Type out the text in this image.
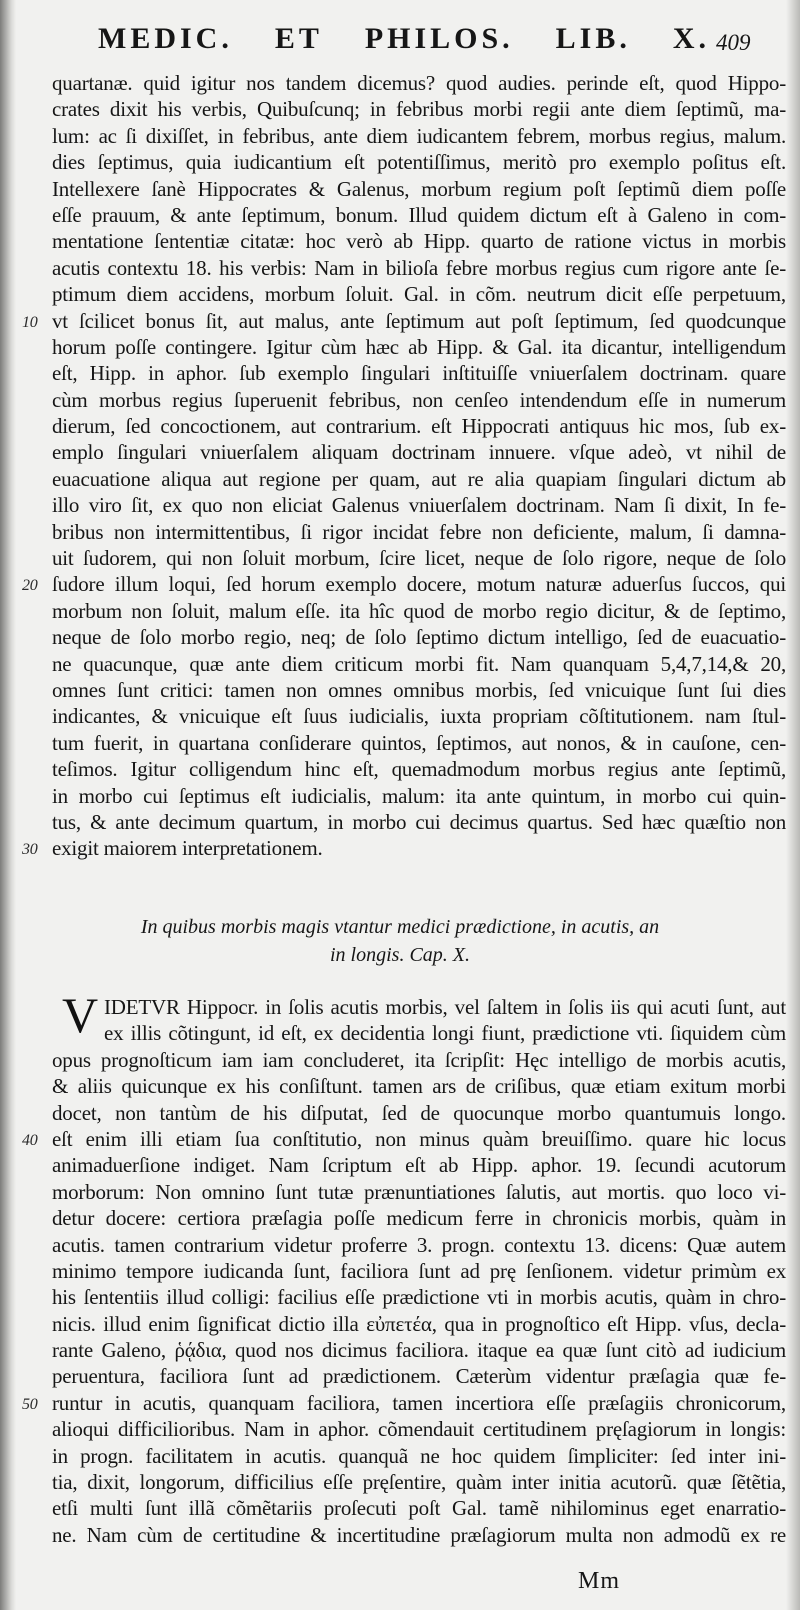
MEDIC. ET PHILOS. LIB. X. 409
quartanæ. quid igitur nos tandem dicemus? quod audies. perinde eſt, quod Hippo-
crates dixit his verbis, Quibuſcunq; in febribus morbi regii ante diem ſeptimũ, ma-
lum: ac ſi dixiſſet, in febribus, ante diem iudicantem febrem, morbus regius, malum.
dies ſeptimus, quia iudicantium eſt potentiſſimus, meritò pro exemplo poſitus eſt.
Intellexere ſanè Hippocrates & Galenus, morbum regium poſt ſeptimũ diem poſſe
eſſe prauum, & ante ſeptimum, bonum. Illud quidem dictum eſt à Galeno in com-
mentatione ſententiæ citatæ: hoc verò ab Hipp. quarto de ratione victus in morbis
acutis contextu 18. his verbis: Nam in bilioſa febre morbus regius cum rigore ante ſe-
ptimum diem accidens, morbum ſoluit. Gal. in cõm. neutrum dicit eſſe perpetuum,
vt ſcilicet bonus ſit, aut malus, ante ſeptimum aut poſt ſeptimum, ſed quodcunque
10
horum poſſe contingere. Igitur cùm hæc ab Hipp. & Gal. ita dicantur, intelligendum
eſt, Hipp. in aphor. ſub exemplo ſingulari inſtituiſſe vniuerſalem doctrinam. quare
cùm morbus regius ſuperuenit febribus, non cenſeo intendendum eſſe in numerum
dierum, ſed concoctionem, aut contrarium. eſt Hippocrati antiquus hic mos, ſub ex-
emplo ſingulari vniuerſalem aliquam doctrinam innuere. vſque adeò, vt nihil de
euacuatione aliqua aut regione per quam, aut re alia quapiam ſingulari dictum ab
illo viro ſit, ex quo non eliciat Galenus vniuerſalem doctrinam. Nam ſi dixit, In fe-
bribus non intermittentibus, ſi rigor incidat febre non deficiente, malum, ſi damna-
uit ſudorem, qui non ſoluit morbum, ſcire licet, neque de ſolo rigore, neque de ſolo
ſudore illum loqui, ſed horum exemplo docere, motum naturæ aduerſus ſuccos, qui
20
morbum non ſoluit, malum eſſe. ita hîc quod de morbo regio dicitur, & de ſeptimo,
neque de ſolo morbo regio, neq; de ſolo ſeptimo dictum intelligo, ſed de euacuatio-
ne quacunque, quæ ante diem criticum morbi fit. Nam quanquam 5,4,7,14,& 20,
omnes ſunt critici: tamen non omnes omnibus morbis, ſed vnicuique ſunt ſui dies
indicantes, & vnicuique eſt ſuus iudicialis, iuxta propriam cõſtitutionem. nam ſtul-
tum fuerit, in quartana conſiderare quintos, ſeptimos, aut nonos, & in cauſone, cen-
teſimos. Igitur colligendum hinc eſt, quemadmodum morbus regius ante ſeptimũ,
in morbo cui ſeptimus eſt iudicialis, malum: ita ante quintum, in morbo cui quin-
tus, & ante decimum quartum, in morbo cui decimus quartus. Sed hæc quæſtio non
exigit maiorem interpretationem.
30
In quibus morbis magis vtantur medici prædictione, in acutis, an
in longis. Cap. X.
V IDETVR Hippocr. in ſolis acutis morbis, vel ſaltem in ſolis iis qui acuti ſunt, aut
ex illis cõtingunt, id eſt, ex decidentia longi fiunt, prædictione vti. ſiquidem cùm
opus prognoſticum iam iam concluderet, ita ſcripſit: Hęc intelligo de morbis acutis,
& aliis quicunque ex his conſiſtunt. tamen ars de criſibus, quæ etiam exitum morbi
docet, non tantùm de his diſputat, ſed de quocunque morbo quantumuis longo.
eſt enim illi etiam ſua conſtitutio, non minus quàm breuiſſimo. quare hic locus
40
animaduerſione indiget. Nam ſcriptum eſt ab Hipp. aphor. 19. ſecundi acutorum
morborum: Non omnino ſunt tutæ prænuntiationes ſalutis, aut mortis. quo loco vi-
detur docere: certiora præſagia poſſe medicum ferre in chronicis morbis, quàm in
acutis. tamen contrarium videtur proferre 3. progn. contextu 13. dicens: Quæ autem
minimo tempore iudicanda ſunt, faciliora ſunt ad prę ſenſionem. videtur primùm ex
his ſententiis illud colligi: facilius eſſe prædictione vti in morbis acutis, quàm in chro-
nicis. illud enim ſignificat dictio illa εὐπετέα, qua in prognoſtico eſt Hipp. vſus, decla-
rante Galeno, ῥᾴδια, quod nos dicimus faciliora. itaque ea quæ ſunt citò ad iudicium
peruentura, faciliora ſunt ad prædictionem. Cæterùm videntur præſagia quæ fe-
runtur in acutis, quanquam faciliora, tamen incertiora eſſe præſagiis chronicorum,
50
alioqui difficilioribus. Nam in aphor. cõmendauit certitudinem pręſagiorum in longis:
in progn. facilitatem in acutis. quanquã ne hoc quidem ſimpliciter: ſed inter ini-
tia, dixit, longorum, difficilius eſſe pręſentire, quàm inter initia acutorũ. quæ ſẽtẽtia,
etſi multi ſunt illã cõmẽtariis proſecuti poſt Gal. tamẽ nihilominus eget enarratio-
ne. Nam cùm de certitudine & incertitudine præſagiorum multa non admodũ ex re
Mm
